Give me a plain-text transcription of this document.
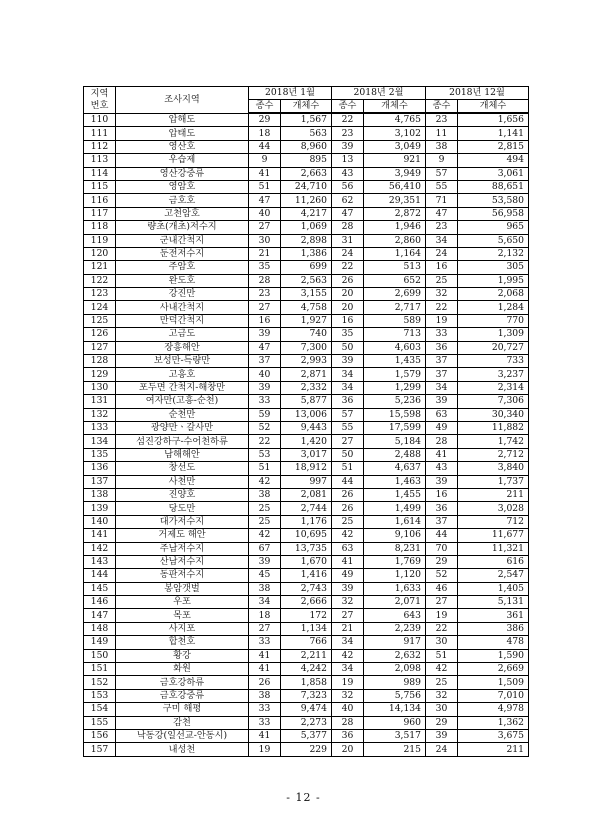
지역
번호	조사지역	2018년 1월		2018년 2월		2018년 12월	
		종수	개체수	종수	개체수	종수	개체수
110	압해도	29	1,567	22	4,765	23	1,656
111	압태도	18	563	23	3,102	11	1,141
112	영산호	44	8,960	39	3,049	38	2,815
113	우습제	9	895	13	921	9	494
114	영산강중류	41	2,663	43	3,949	57	3,061
115	영암호	51	24,710	56	56,410	55	88,651
116	금호호	47	11,260	62	29,351	71	53,580
117	고천암호	40	4,217	47	2,872	47	56,958
118	량초(개초)저수지	27	1,069	28	1,946	23	965
119	군내간척지	30	2,898	31	2,860	34	5,650
120	둔전저수지	21	1,386	24	1,164	24	2,132
121	주암호	35	699	22	513	16	305
122	완도호	28	2,563	26	652	25	1,995
123	강진만	23	3,155	20	2,699	32	2,068
124	사내간척지	27	4,758	20	2,717	22	1,284
125	만덕간척지	16	1,927	16	589	19	770
126	고금도	39	740	35	713	33	1,309
127	장흥해안	47	7,300	50	4,603	36	20,727
128	보성만-득량만	37	2,993	39	1,435	37	733
129	고흥호	40	2,871	34	1,579	37	3,237
130	포두면 간척지-해창만	39	2,332	34	1,299	34	2,314
131	여자만(고흥-순천)	33	5,877	36	5,236	39	7,306
132	순천만	59	13,006	57	15,598	63	30,340
133	광양만ㆍ갈사만	52	9,443	55	17,599	49	11,882
134	섬진강하구-수어천하류	22	1,420	27	5,184	28	1,742
135	남해해안	53	3,017	50	2,488	41	2,712
136	창선도	51	18,912	51	4,637	43	3,840
137	사천만	42	997	44	1,463	39	1,737
138	진양호	38	2,081	26	1,455	16	211
139	당도만	25	2,744	26	1,499	36	3,028
140	대가저수지	25	1,176	25	1,614	37	712
141	거제도 해안	42	10,695	42	9,106	44	11,677
142	주남저수지	67	13,735	63	8,231	70	11,321
143	산남저수지	39	1,670	41	1,769	29	616
144	동판저수지	45	1,416	49	1,120	52	2,547
145	봉암갯벌	38	2,743	39	1,633	46	1,405
146	우포	34	2,666	32	2,071	27	5,131
147	목포	18	172	27	643	19	361
148	사지포	27	1,134	21	2,239	22	386
149	합천호	33	766	34	917	30	478
150	황강	41	2,211	42	2,632	51	1,590
151	화원	41	4,242	34	2,098	42	2,669
152	금호강하류	26	1,858	19	989	25	1,509
153	금호강중류	38	7,323	32	5,756	32	7,010
154	구미 해평	33	9,474	40	14,134	30	4,978
155	감천	33	2,273	28	960	29	1,362
156	낙동강(일선교-안동시)	41	5,377	36	3,517	39	3,675
157	내성천	19	229	20	215	24	211
- 12 -
